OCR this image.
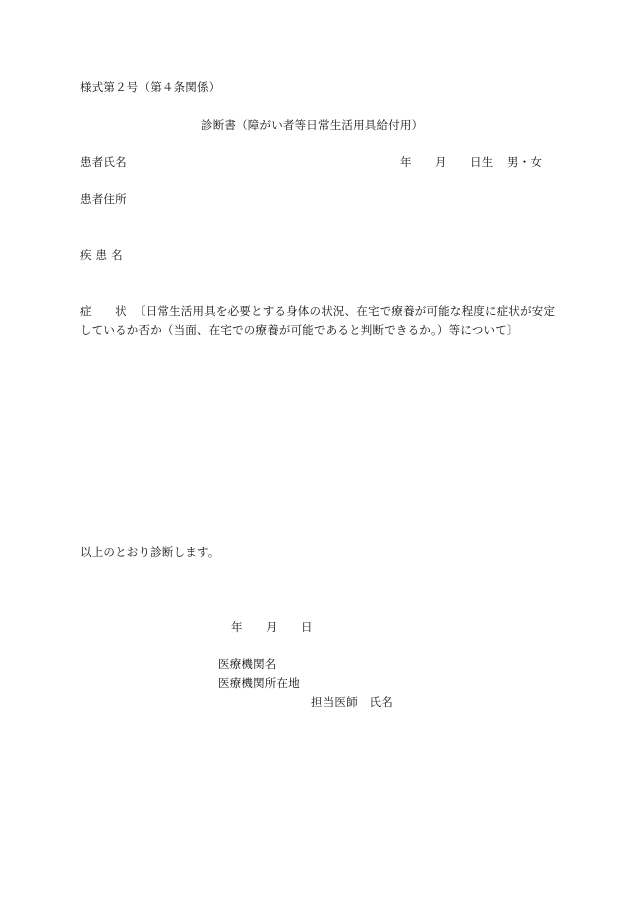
様式第２号（第４条関係）
診断書（障がい者等日常生活用具給付用）
患者氏名	年 月 日生 男・女
患者住所
疾 患 名
症　　状 〔日常生活用具を必要とする身体の状況、在宅で療養が可能な程度に症状が安定
しているか否か（当面、在宅での療養が可能であると判断できるか。）等について〕
以上のとおり診断します。
年 月 日
医療機関名
医療機関所在地
担当医師　氏名
